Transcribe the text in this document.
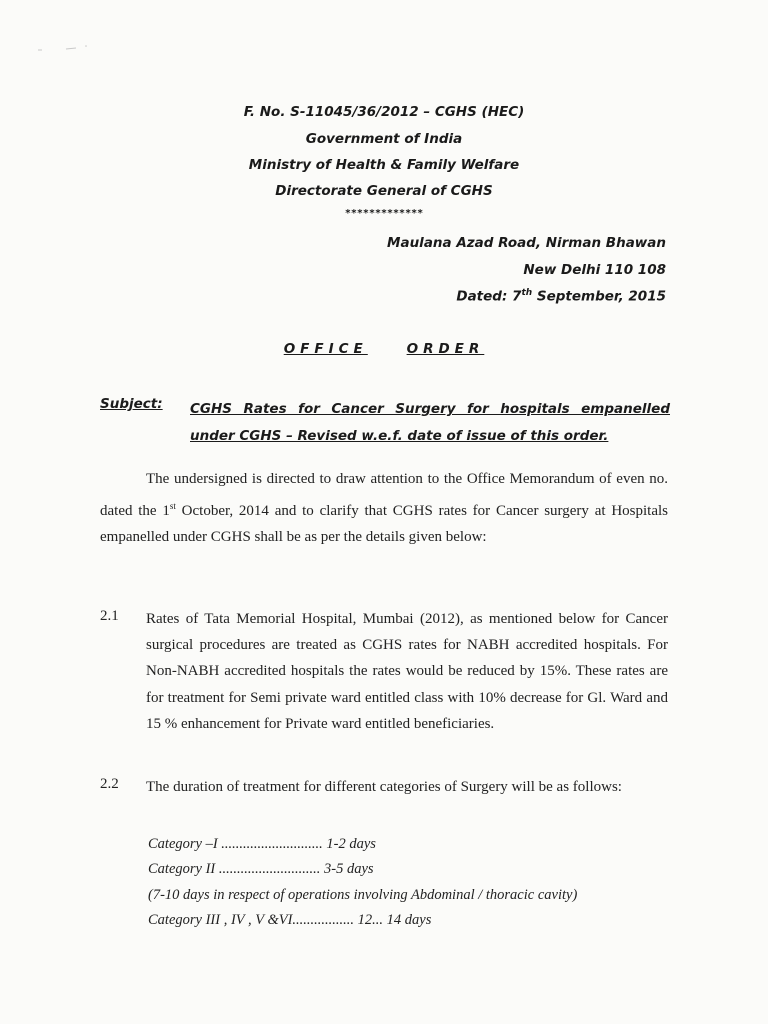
F. No. S-11045/36/2012 – CGHS (HEC)
Government of India
Ministry of Health & Family Welfare
Directorate General of CGHS
*************
Maulana Azad Road, Nirman Bhawan
New Delhi 110 108
Dated: 7th September, 2015
OFFICE	ORDER
Subject: CGHS Rates for Cancer Surgery for hospitals empanelled under CGHS – Revised w.e.f. date of issue of this order.
The undersigned is directed to draw attention to the Office Memorandum of even no. dated the 1st October, 2014 and to clarify that CGHS rates for Cancer surgery at Hospitals empanelled under CGHS shall be as per the details given below:
2.1 Rates of Tata Memorial Hospital, Mumbai (2012), as mentioned below for Cancer surgical procedures are treated as CGHS rates for NABH accredited hospitals. For Non-NABH accredited hospitals the rates would be reduced by 15%. These rates are for treatment for Semi private ward entitled class with 10% decrease for Gl. Ward and 15 % enhancement for Private ward entitled beneficiaries.
2.2 The duration of treatment for different categories of Surgery will be as follows:
Category –I ............................ 1-2 days
Category II ............................ 3-5 days
(7-10 days in respect of operations involving Abdominal / thoracic cavity)
Category III , IV , V &VI................. 12... 14 days
